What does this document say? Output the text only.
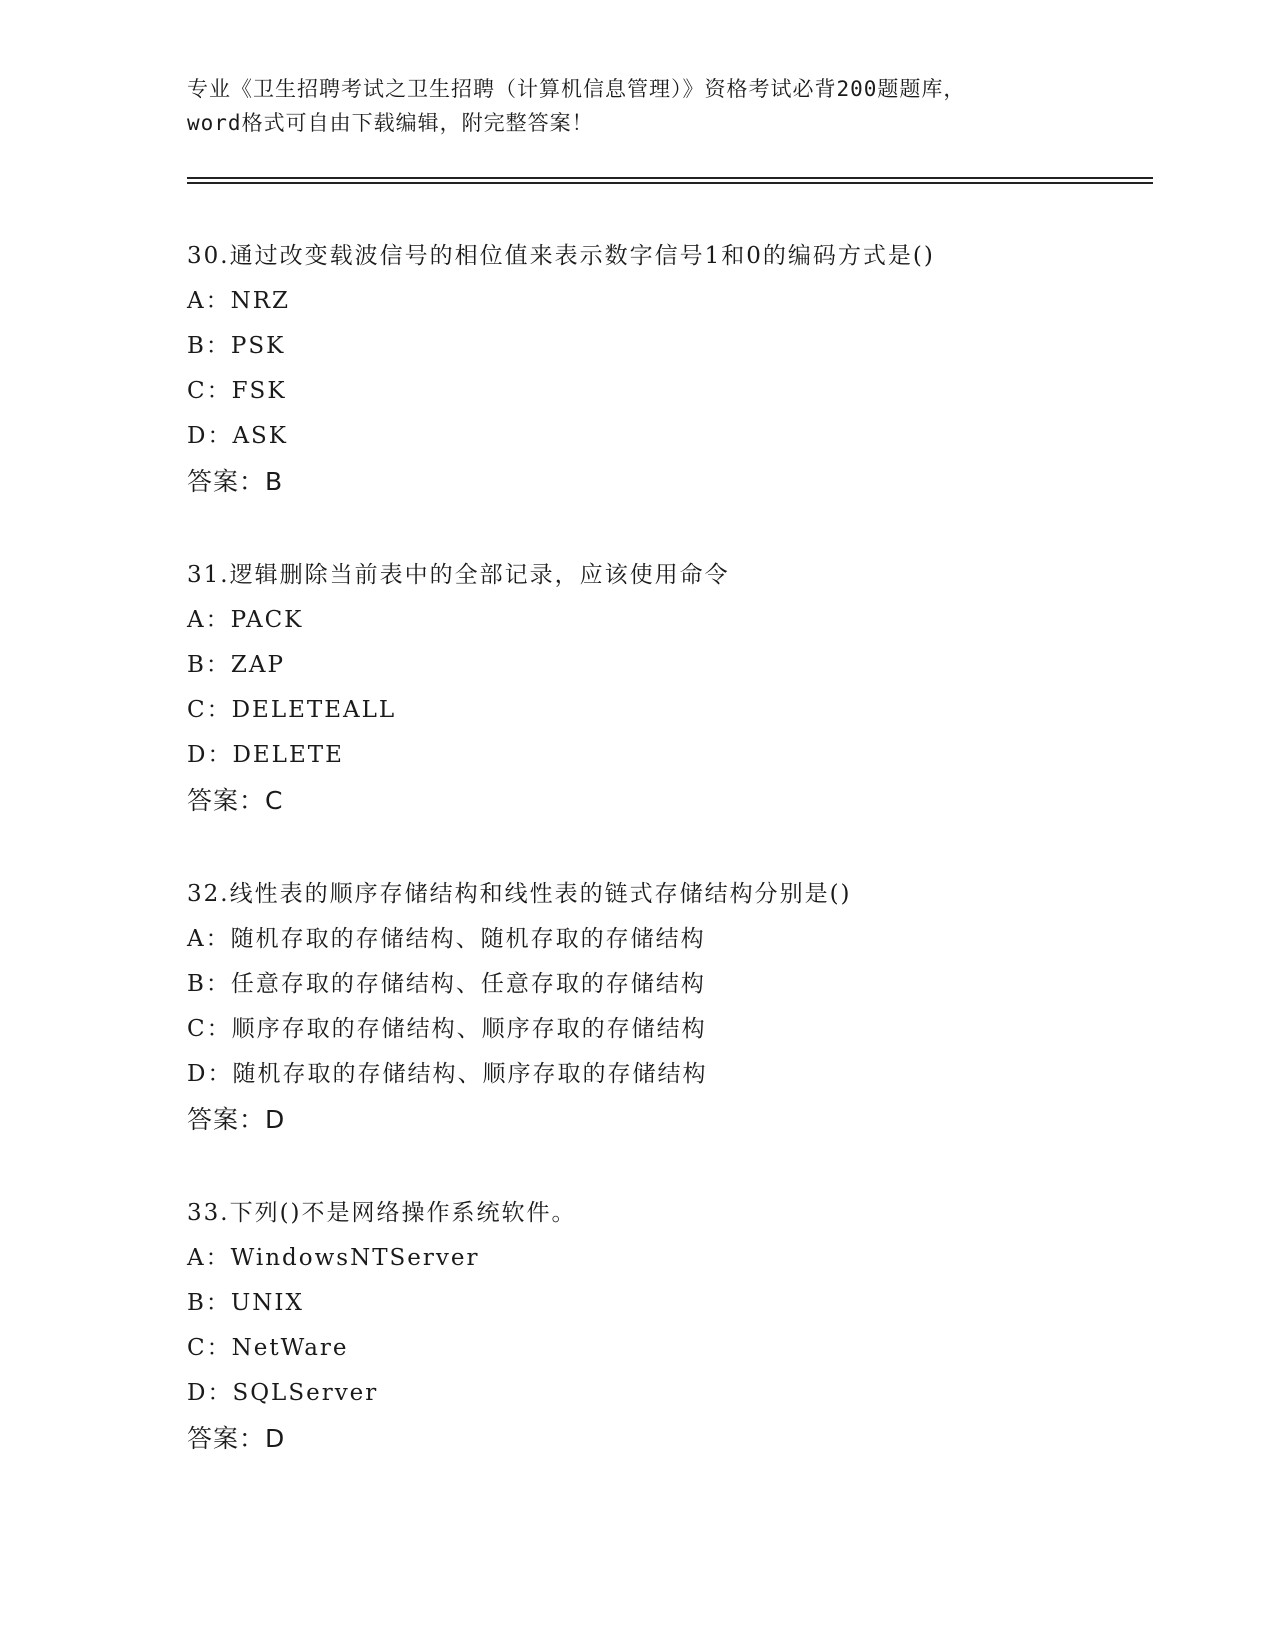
专业《卫生招聘考试之卫生招聘（计算机信息管理）》资格考试必背200题题库，
word格式可自由下载编辑，附完整答案！
30.通过改变载波信号的相位值来表示数字信号1和0的编码方式是()
A：NRZ
B：PSK
C：FSK
D：ASK
答案：B
31.逻辑删除当前表中的全部记录，应该使用命令
A：PACK
B：ZAP
C：DELETEALL
D：DELETE
答案：C
32.线性表的顺序存储结构和线性表的链式存储结构分别是()
A：随机存取的存储结构、随机存取的存储结构
B：任意存取的存储结构、任意存取的存储结构
C：顺序存取的存储结构、顺序存取的存储结构
D：随机存取的存储结构、顺序存取的存储结构
答案：D
33.下列()不是网络操作系统软件。
A：WindowsNTServer
B：UNIX
C：NetWare
D：SQLServer
答案：D
